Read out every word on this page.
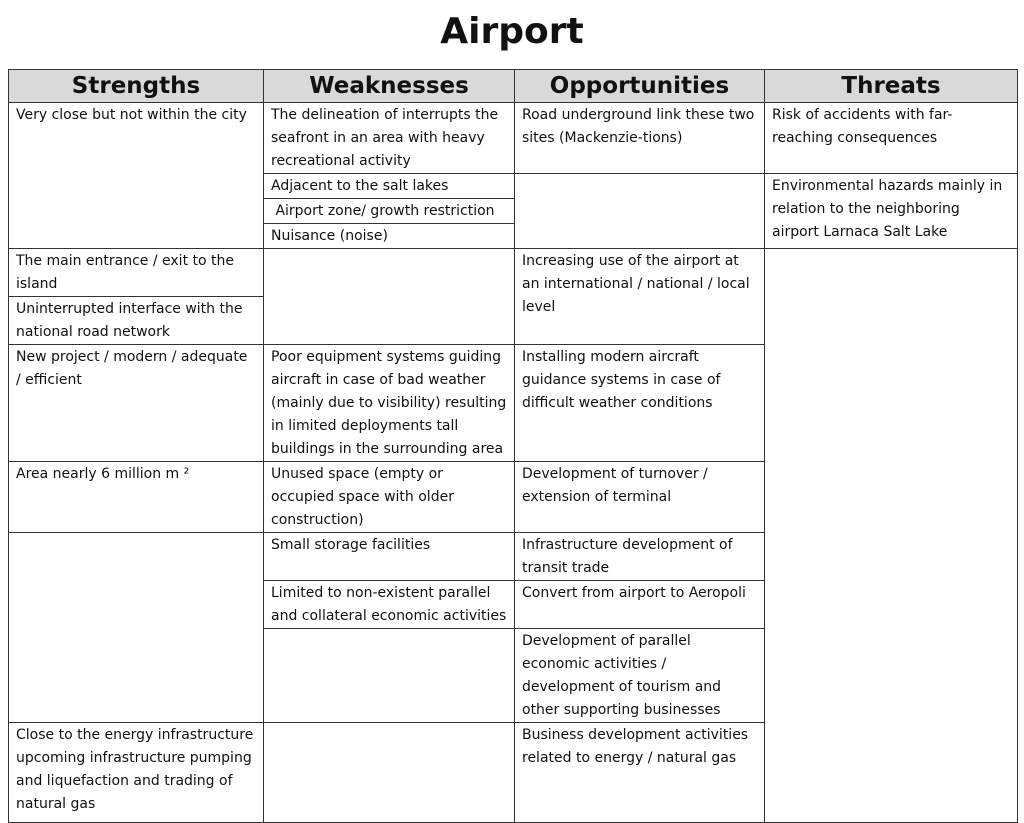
Airport
Strengths	Weaknesses	Opportunities	Threats
Very close but not within the city	The delineation of interrupts the seafront in an area with heavy recreational activity	Road underground link these two sites (Mackenzie-tions)	Risk of accidents with far-reaching consequences
	Adjacent to the salt lakes		Environmental hazards mainly in relation to the neighboring airport Larnaca Salt Lake
	Airport zone/ growth restriction		
	Nuisance (noise)		
The main entrance / exit to the island		Increasing use of the airport at an international / national / local level	
Uninterrupted interface with the national road network			
New project / modern / adequate / efficient	Poor equipment systems guiding aircraft in case of bad weather (mainly due to visibility) resulting in limited deployments tall buildings in the surrounding area	Installing modern aircraft guidance systems in case of difficult weather conditions	
Area nearly 6 million m ²	Unused space (empty or occupied space with older construction)	Development of turnover / extension of terminal	
	Small storage facilities	Infrastructure development of transit trade	
	Limited to non-existent parallel and collateral economic activities	Convert from airport to Aeropoli	
		Development of parallel economic activities / development of tourism and other supporting businesses	
Close to the energy infrastructure upcoming infrastructure pumping and liquefaction and trading of natural gas		Business development activities related to energy / natural gas	
